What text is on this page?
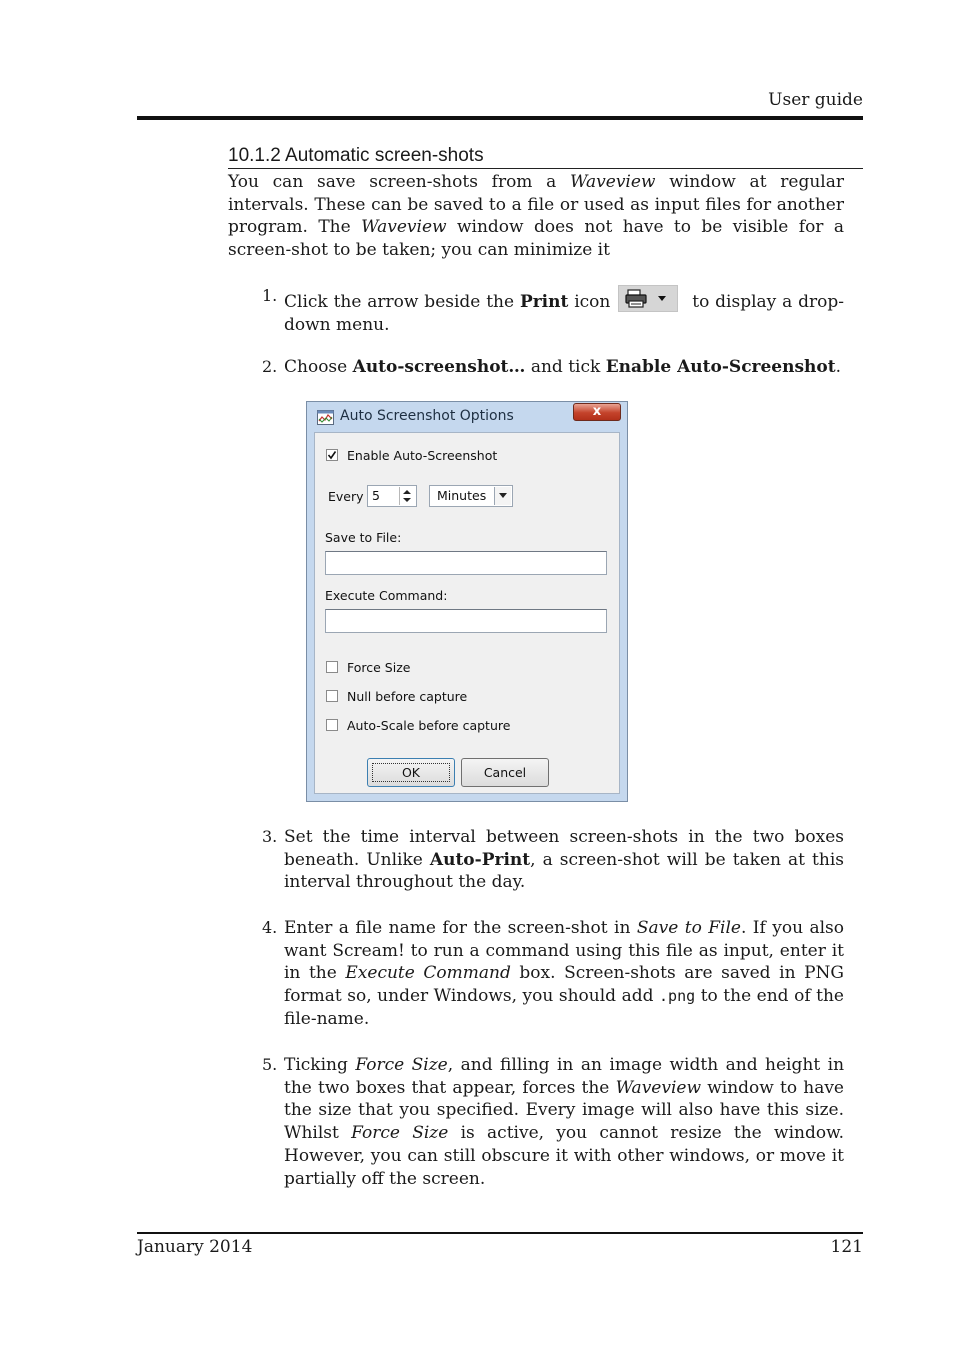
User guide
10.1.2 Automatic screen-shots

You can save screen-shots from a Waveview window at regular intervals. These can be saved to a file or used as input files for another program. The Waveview window does not have to be visible for a screen-shot to be taken; you can minimize it

1. Click the arrow beside the Print icon	to display a drop-down menu.
2. Choose Auto-screenshot… and tick Enable Auto-Screenshot.
Auto Screenshot Options	x
Enable Auto-Screenshot
Every 5	Minutes
Save to File:
Execute Command:
Force Size
Null before capture
Auto-Scale before capture
OK	Cancel
3. Set the time interval between screen-shots in the two boxes beneath. Unlike Auto-Print, a screen-shot will be taken at this interval throughout the day.
4. Enter a file name for the screen-shot in Save to File. If you also want Scream! to run a command using this file as input, enter it in the Execute Command box. Screen-shots are saved in PNG format so, under Windows, you should add .png to the end of the file-name.
5. Ticking Force Size, and filling in an image width and height in the two boxes that appear, forces the Waveview window to have the size that you specified. Every image will also have this size. Whilst Force Size is active, you cannot resize the window. However, you can still obscure it with other windows, or move it partially off the screen.
January 2014	121
